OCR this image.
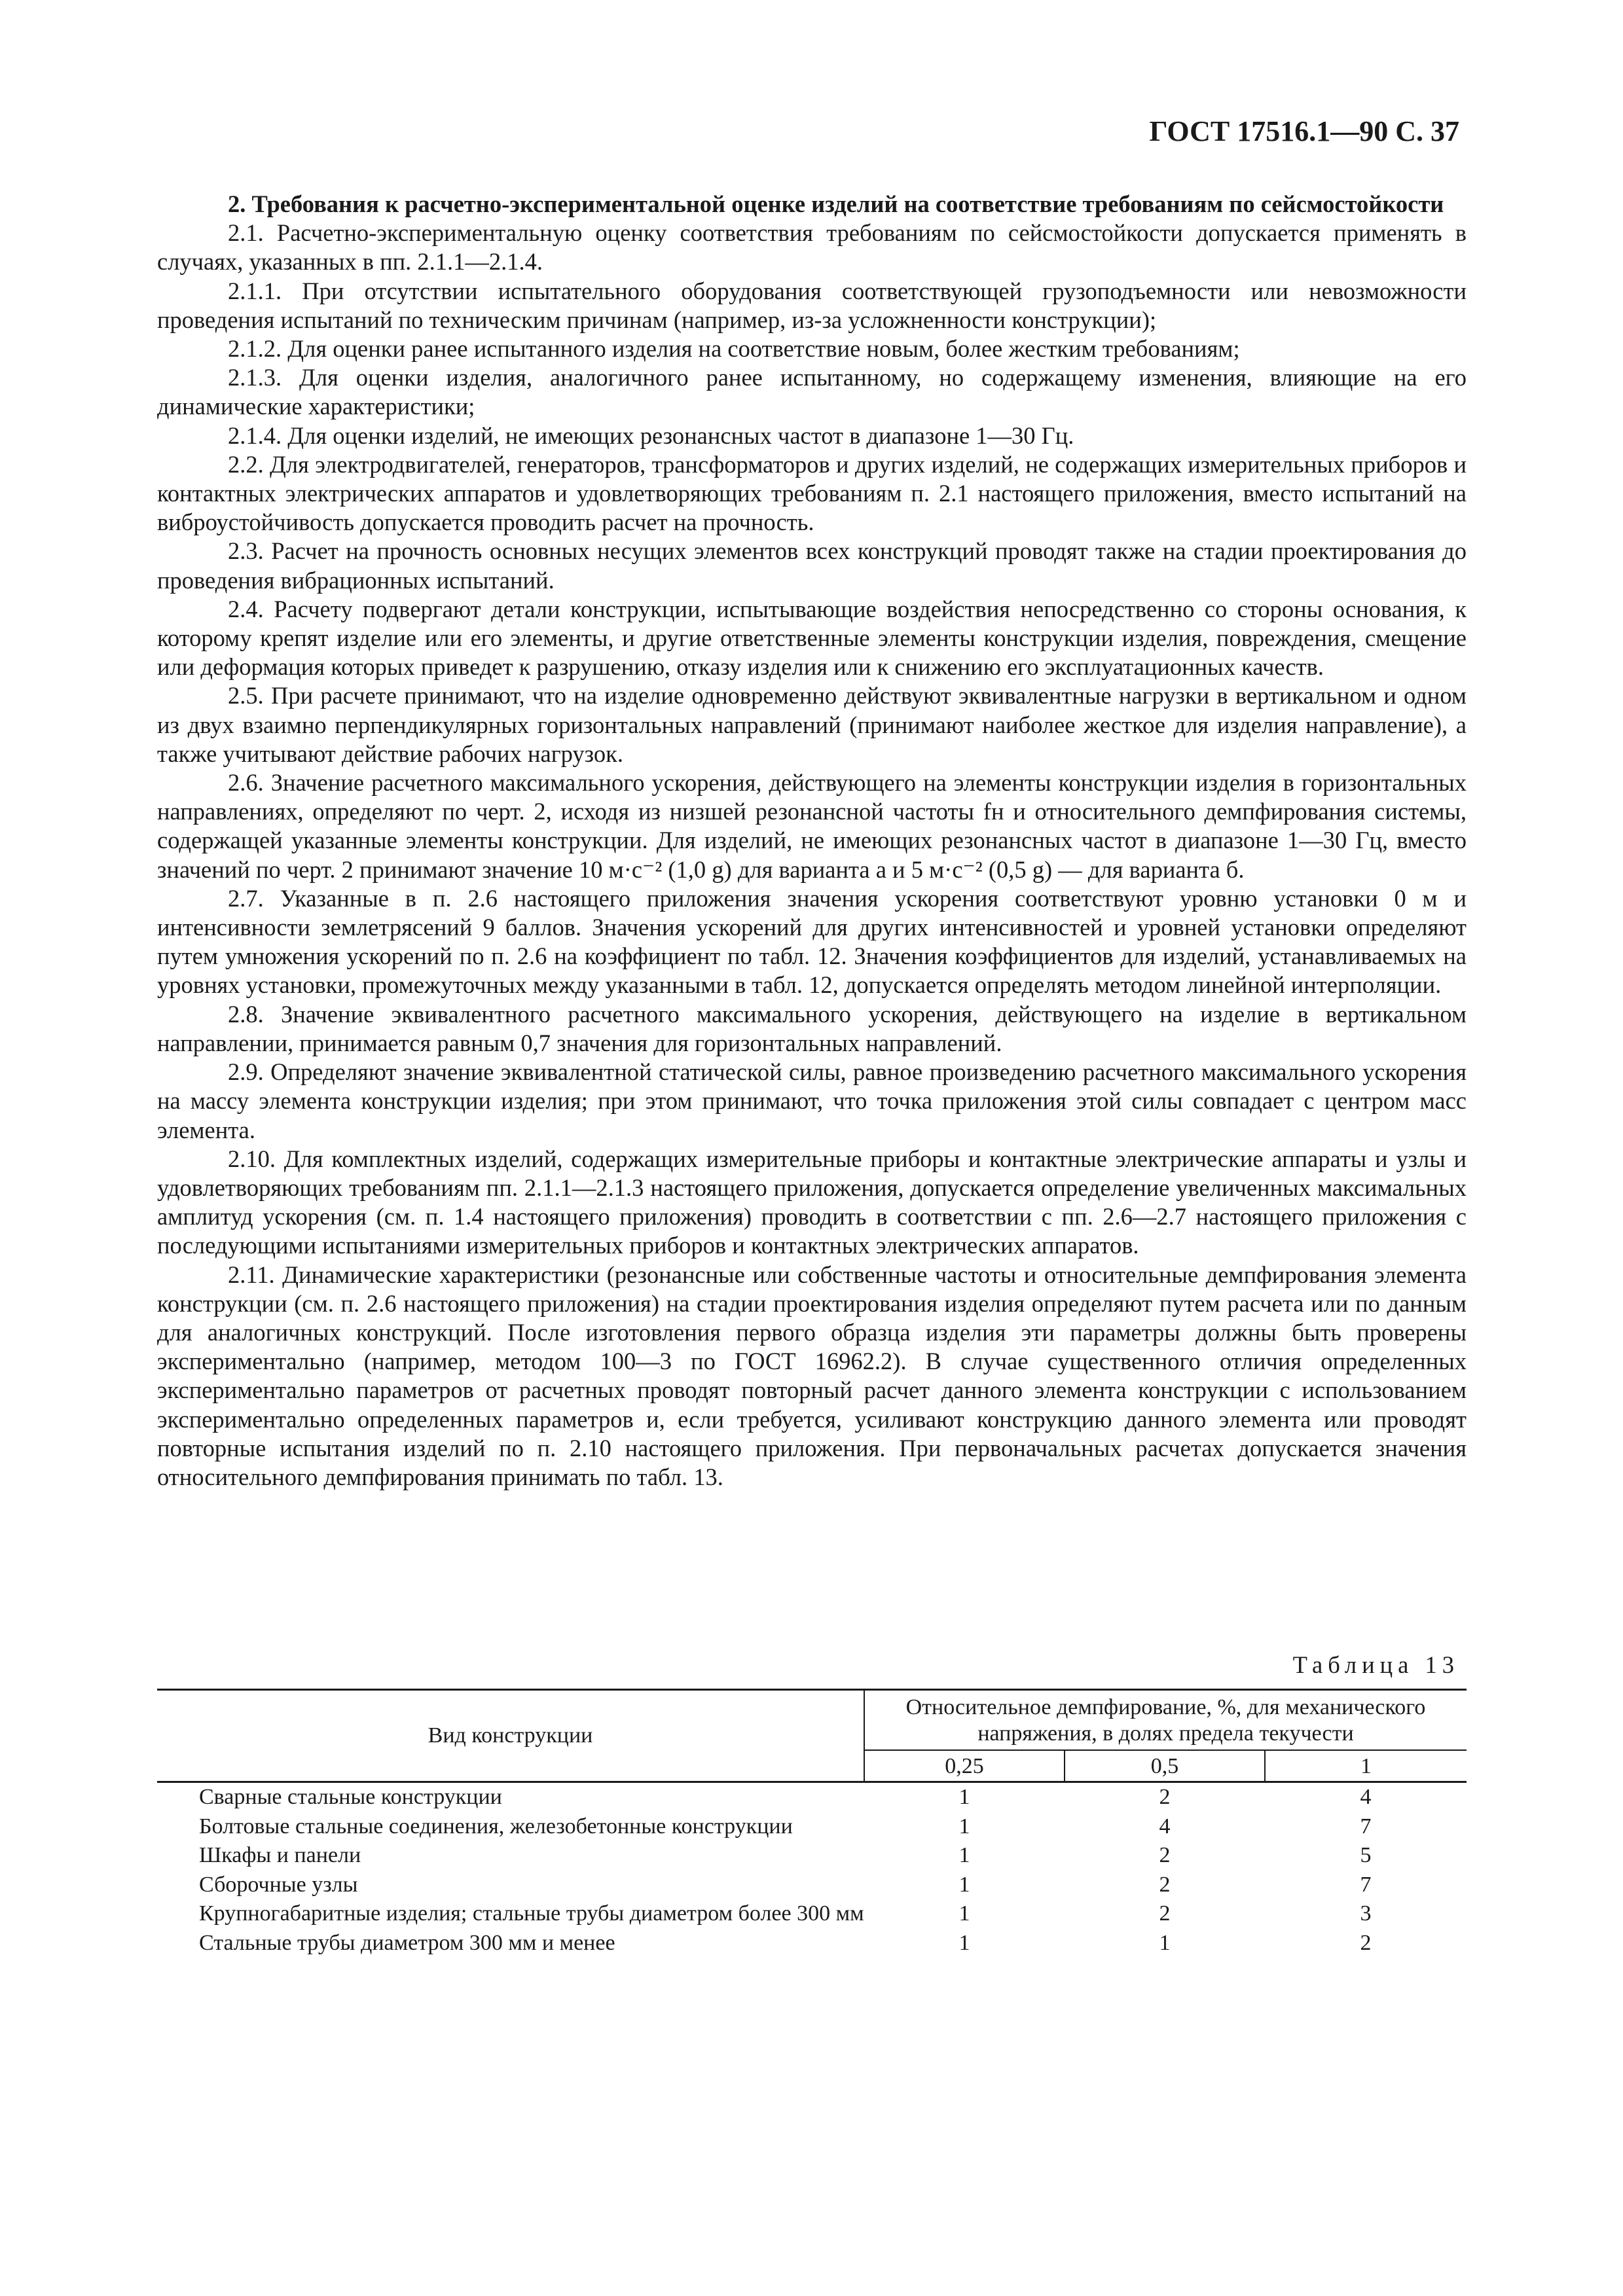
ГОСТ 17516.1—90 С. 37

2. Требования к расчетно-экспериментальной оценке изделий на соответствие требованиям по сейсмостойкости

2.1. Расчетно-экспериментальную оценку соответствия требованиям по сейсмостойкости допускается применять в случаях, указанных в пп. 2.1.1—2.1.4.

2.1.1. При отсутствии испытательного оборудования соответствующей грузоподъемности или невозможности проведения испытаний по техническим причинам (например, из-за усложненности конструкции);

2.1.2. Для оценки ранее испытанного изделия на соответствие новым, более жестким требованиям;

2.1.3. Для оценки изделия, аналогичного ранее испытанному, но содержащему изменения, влияющие на его динамические характеристики;

2.1.4. Для оценки изделий, не имеющих резонансных частот в диапазоне 1—30 Гц.

2.2. Для электродвигателей, генераторов, трансформаторов и других изделий, не содержащих измерительных приборов и контактных электрических аппаратов и удовлетворяющих требованиям п. 2.1 настоящего приложения, вместо испытаний на виброустойчивость допускается проводить расчет на прочность.

2.3. Расчет на прочность основных несущих элементов всех конструкций проводят также на стадии проектирования до проведения вибрационных испытаний.

2.4. Расчету подвергают детали конструкции, испытывающие воздействия непосредственно со стороны основания, к которому крепят изделие или его элементы, и другие ответственные элементы конструкции изделия, повреждения, смещение или деформация которых приведет к разрушению, отказу изделия или к снижению его эксплуатационных качеств.

2.5. При расчете принимают, что на изделие одновременно действуют эквивалентные нагрузки в вертикальном и одном из двух взаимно перпендикулярных горизонтальных направлений (принимают наиболее жесткое для изделия направление), а также учитывают действие рабочих нагрузок.

2.6. Значение расчетного максимального ускорения, действующего на элементы конструкции изделия в горизонтальных направлениях, определяют по черт. 2, исходя из низшей резонансной частоты fн и относительного демпфирования системы, содержащей указанные элементы конструкции. Для изделий, не имеющих резонансных частот в диапазоне 1—30 Гц, вместо значений по черт. 2 принимают значение 10 м·с⁻² (1,0 g) для варианта а и 5 м·с⁻² (0,5 g) — для варианта б.

2.7. Указанные в п. 2.6 настоящего приложения значения ускорения соответствуют уровню установки 0 м и интенсивности землетрясений 9 баллов. Значения ускорений для других интенсивностей и уровней установки определяют путем умножения ускорений по п. 2.6 на коэффициент по табл. 12. Значения коэффициентов для изделий, устанавливаемых на уровнях установки, промежуточных между указанными в табл. 12, допускается определять методом линейной интерполяции.

2.8. Значение эквивалентного расчетного максимального ускорения, действующего на изделие в вертикальном направлении, принимается равным 0,7 значения для горизонтальных направлений.

2.9. Определяют значение эквивалентной статической силы, равное произведению расчетного максимального ускорения на массу элемента конструкции изделия; при этом принимают, что точка приложения этой силы совпадает с центром масс элемента.

2.10. Для комплектных изделий, содержащих измерительные приборы и контактные электрические аппараты и узлы и удовлетворяющих требованиям пп. 2.1.1—2.1.3 настоящего приложения, допускается определение увеличенных максимальных амплитуд ускорения (см. п. 1.4 настоящего приложения) проводить в соответствии с пп. 2.6—2.7 настоящего приложения с последующими испытаниями измерительных приборов и контактных электрических аппаратов.

2.11. Динамические характеристики (резонансные или собственные частоты и относительные демпфирования элемента конструкции (см. п. 2.6 настоящего приложения) на стадии проектирования изделия определяют путем расчета или по данным для аналогичных конструкций. После изготовления первого образца изделия эти параметры должны быть проверены экспериментально (например, методом 100—3 по ГОСТ 16962.2). В случае существенного отличия определенных экспериментально параметров от расчетных проводят повторный расчет данного элемента конструкции с использованием экспериментально определенных параметров и, если требуется, усиливают конструкцию данного элемента или проводят повторные испытания изделий по п. 2.10 настоящего приложения. При первоначальных расчетах допускается значения относительного демпфирования принимать по табл. 13.

Таблица 13
Вид конструкции	Относительное демпфирование, %, для механического напряжения, в долях предела текучести		
	0,25	0,5	1

Сварные стальные конструкции	1	2	4

Болтовые стальные соединения, железобетонные конструкции	1	4	7

Шкафы и панели	1	2	5

Сборочные узлы	1	2	7

Крупногабаритные изделия; стальные трубы диаметром более 300 мм	1	2	3

Стальные трубы диаметром 300 мм и менее	1	1	2
